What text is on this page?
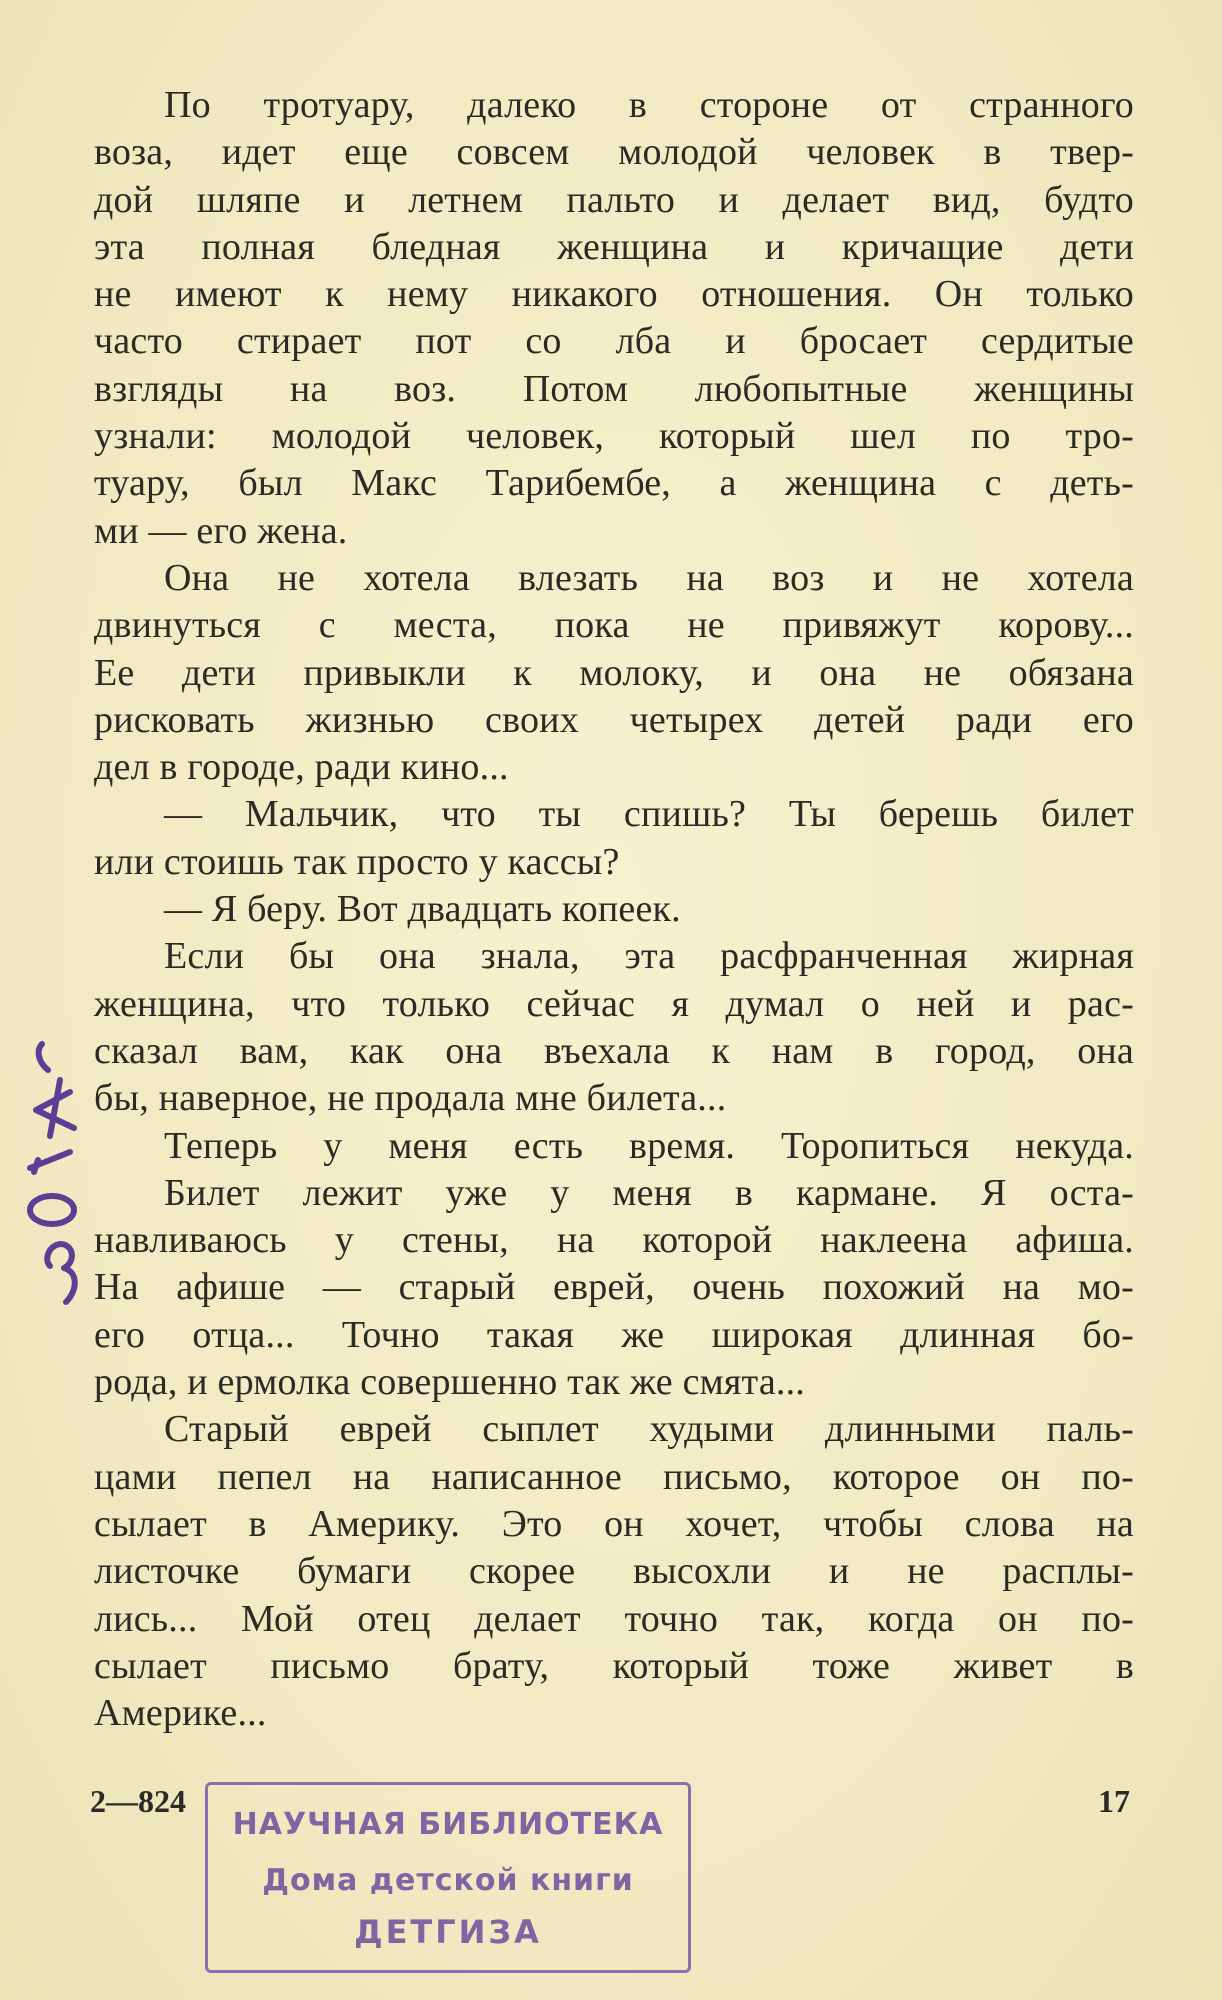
По тротуару, далеко в стороне от странного
воза, идет еще совсем молодой человек в твер-
дой шляпе и летнем пальто и делает вид, будто
эта полная бледная женщина и кричащие дети
не имеют к нему никакого отношения. Он только
часто стирает пот со лба и бросает сердитые
взгляды на воз. Потом любопытные женщины
узнали: молодой человек, который шел по тро-
туару, был Макс Тарибембе, а женщина с деть-
ми — его жена.
Она не хотела влезать на воз и не хотела
двинуться с места, пока не привяжут корову...
Ее дети привыкли к молоку, и она не обязана
рисковать жизнью своих четырех детей ради его
дел в городе, ради кино...
— Мальчик, что ты спишь? Ты берешь билет
или стоишь так просто у кассы?
— Я беру. Вот двадцать копеек.
Если бы она знала, эта расфранченная жирная
женщина, что только сейчас я думал о ней и рас-
сказал вам, как она въехала к нам в город, она
бы, наверное, не продала мне билета...
Теперь у меня есть время. Торопиться некуда.
Билет лежит уже у меня в кармане. Я оста-
навливаюсь у стены, на которой наклеена афиша.
На афише — старый еврей, очень похожий на мо-
его отца... Точно такая же широкая длинная бо-
рода, и ермолка совершенно так же смята...
Старый еврей сыплет худыми длинными паль-
цами пепел на написанное письмо, которое он по-
сылает в Америку. Это он хочет, чтобы слова на
листочке бумаги скорее высохли и не расплы-
лись... Мой отец делает точно так, когда он по-
сылает письмо брату, который тоже живет в
Америке...
2—824	17
НАУЧНАЯ БИБЛИОТЕКА
Дома детской книги
ДЕТГИЗА
